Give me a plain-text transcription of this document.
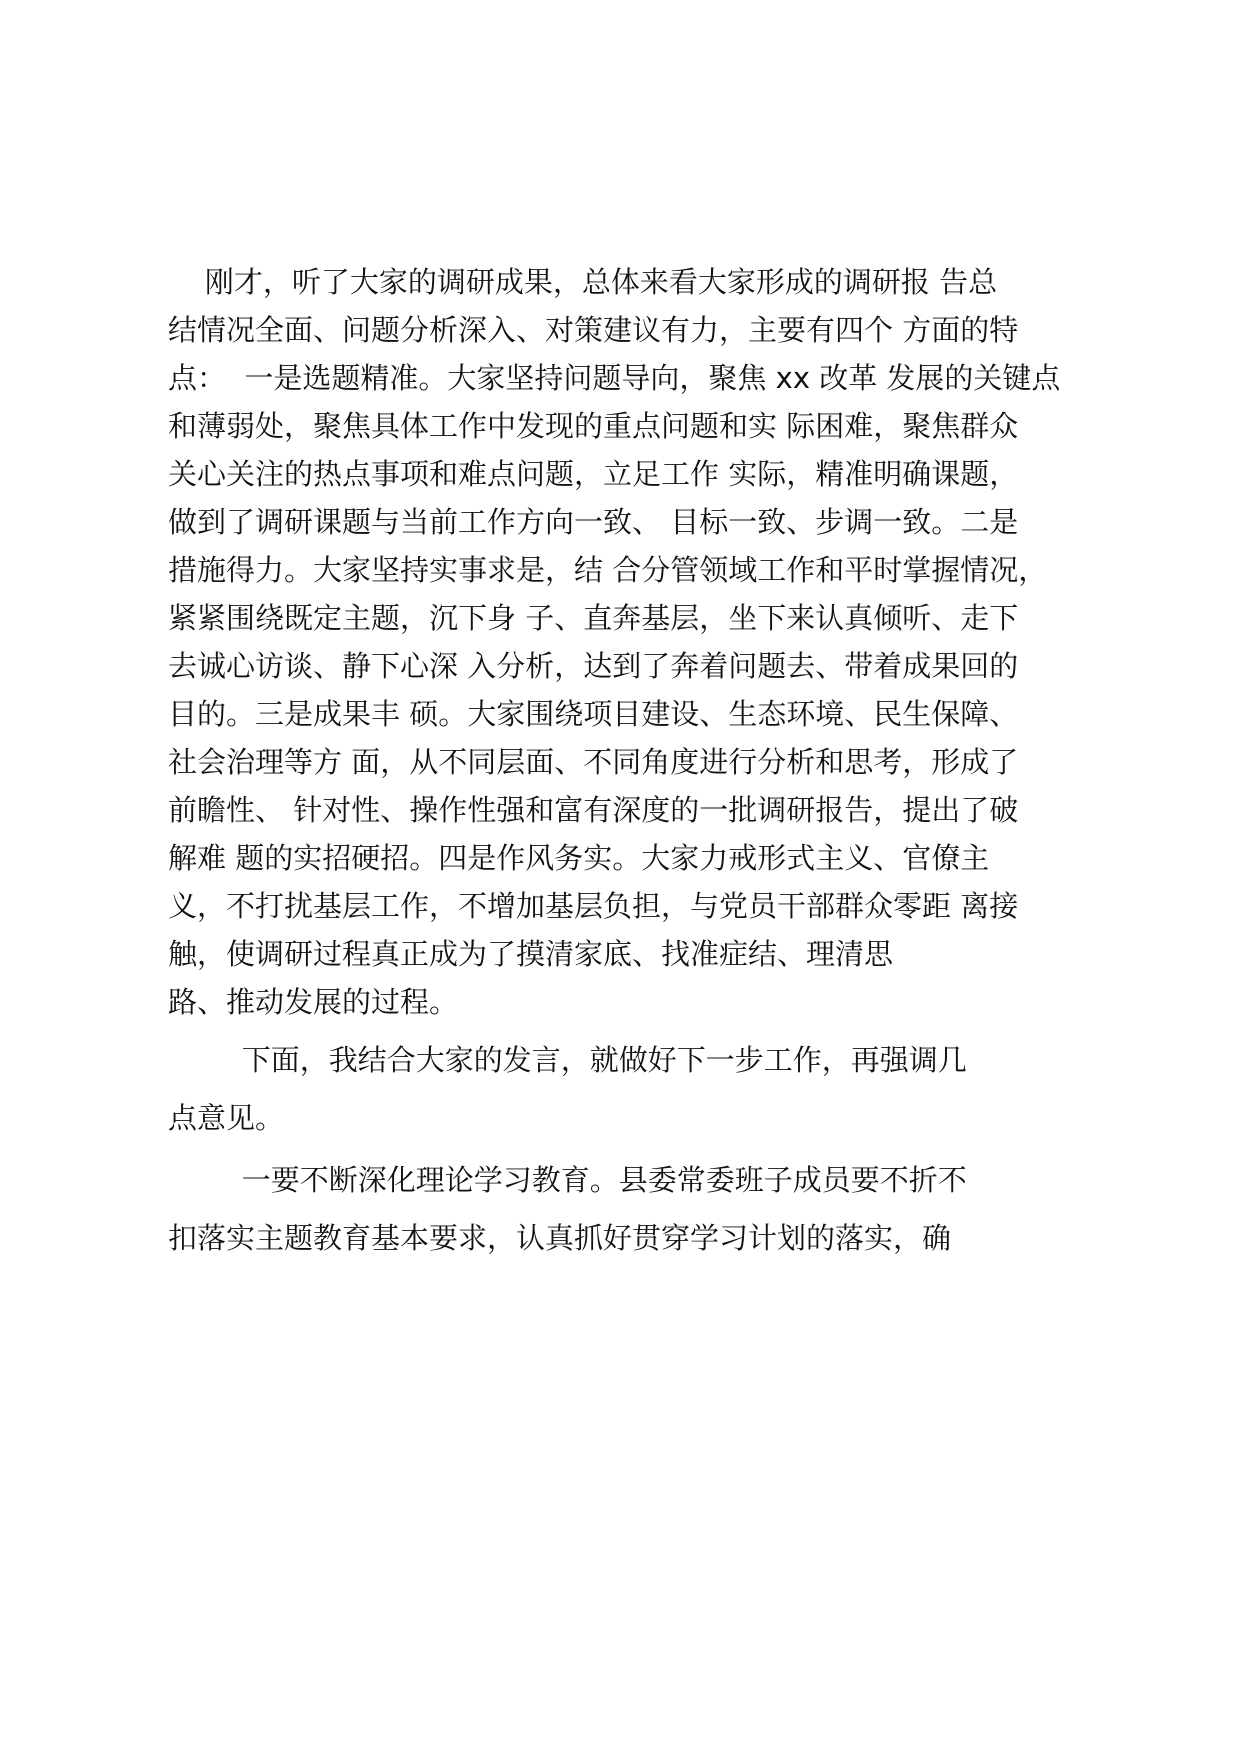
刚才，听了大家的调研成果，总体来看大家形成的调研报 告总

结情况全面、问题分析深入、对策建议有力，主要有四个 方面的特

点：  一是选题精准。大家坚持问题导向，聚焦 xx 改革 发展的关键点

和薄弱处，聚焦具体工作中发现的重点问题和实 际困难，聚焦群众

关心关注的热点事项和难点问题，立足工作 实际，精准明确课题，

做到了调研课题与当前工作方向一致、 目标一致、步调一致。二是

措施得力。大家坚持实事求是，结 合分管领域工作和平时掌握情况，

紧紧围绕既定主题，沉下身 子、直奔基层，坐下来认真倾听、走下

去诚心访谈、静下心深 入分析，达到了奔着问题去、带着成果回的

目的。三是成果丰 硕。大家围绕项目建设、生态环境、民生保障、

社会治理等方 面，从不同层面、不同角度进行分析和思考，形成了

前瞻性、 针对性、操作性强和富有深度的一批调研报告，提出了破

解难 题的实招硬招。四是作风务实。大家力戒形式主义、官僚主

义，不打扰基层工作，不增加基层负担，与党员干部群众零距 离接

触，使调研过程真正成为了摸清家底、找准症结、理清思

路、推动发展的过程。

下面，我结合大家的发言，就做好下一步工作，再强调几

点意见。

一要不断深化理论学习教育。县委常委班子成员要不折不

扣落实主题教育基本要求，认真抓好贯穿学习计划的落实，确
